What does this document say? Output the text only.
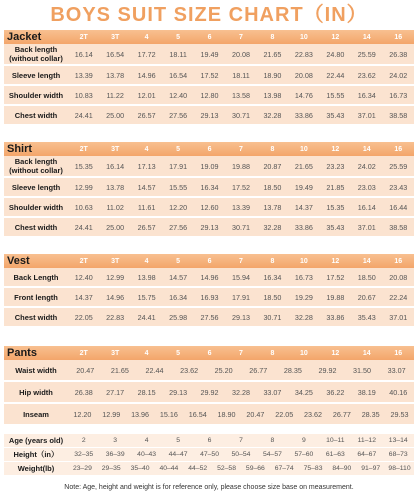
BOYS SUIT SIZE CHART（IN）
Jacket	2T	3T	4	5	6	7	8	10	12	14	16
Back length (without collar)	16.14	16.54	17.72	18.11	19.49	20.08	21.65	22.83	24.80	25.59	26.38
Sleeve length	13.39	13.78	14.96	16.54	17.52	18.11	18.90	20.08	22.44	23.62	24.02
Shoulder width	10.83	11.22	12.01	12.40	12.80	13.58	13.98	14.76	15.55	16.34	16.73
Chest width	24.41	25.00	26.57	27.56	29.13	30.71	32.28	33.86	35.43	37.01	38.58
Shirt	2T	3T	4	5	6	7	8	10	12	14	16
Back length (without collar)	15.35	16.14	17.13	17.91	19.09	19.88	20.87	21.65	23.23	24.02	25.59
Sleeve length	12.99	13.78	14.57	15.55	16.34	17.52	18.50	19.49	21.85	23.03	23.43
Shoulder width	10.63	11.02	11.61	12.20	12.60	13.39	13.78	14.37	15.35	16.14	16.44
Chest width	24.41	25.00	26.57	27.56	29.13	30.71	32.28	33.86	35.43	37.01	38.58
Vest	2T	3T	4	5	6	7	8	10	12	14	16
Back Length	12.40	12.99	13.98	14.57	14.96	15.94	16.34	16.73	17.52	18.50	20.08
Front length	14.37	14.96	15.75	16.34	16.93	17.91	18.50	19.29	19.88	20.67	22.24
Chest width	22.05	22.83	24.41	25.98	27.56	29.13	30.71	32.28	33.86	35.43	37.01
Pants	2T	3T	4	5	6	7	8	10	12	14	16
Waist width	20.47	21.65	22.44	23.62	25.20	26.77	28.35	29.92	31.50	33.07
Hip width	26.38	27.17	28.15	29.13	29.92	32.28	33.07	34.25	36.22	38.19	40.16
Inseam	12.20	12.99	13.96	15.16	16.54	18.90	20.47	22.05	23.62	26.77	28.35	29.53
Age (years old)	2	3	4	5	6	7	8	9	10–11	11–12	13–14
Height（in）	32–35	36–39	40–43	44–47	47–50	50–54	54–57	57–60	61–63	64–67	68–73
Weight(lb)	23–29	29–35	35–40	40–44	44–52	52–58	59–66	67–74	75–83	84–90	91–97	98–110
Note: Age, height and weight is for reference only, please choose size base on measurement.
